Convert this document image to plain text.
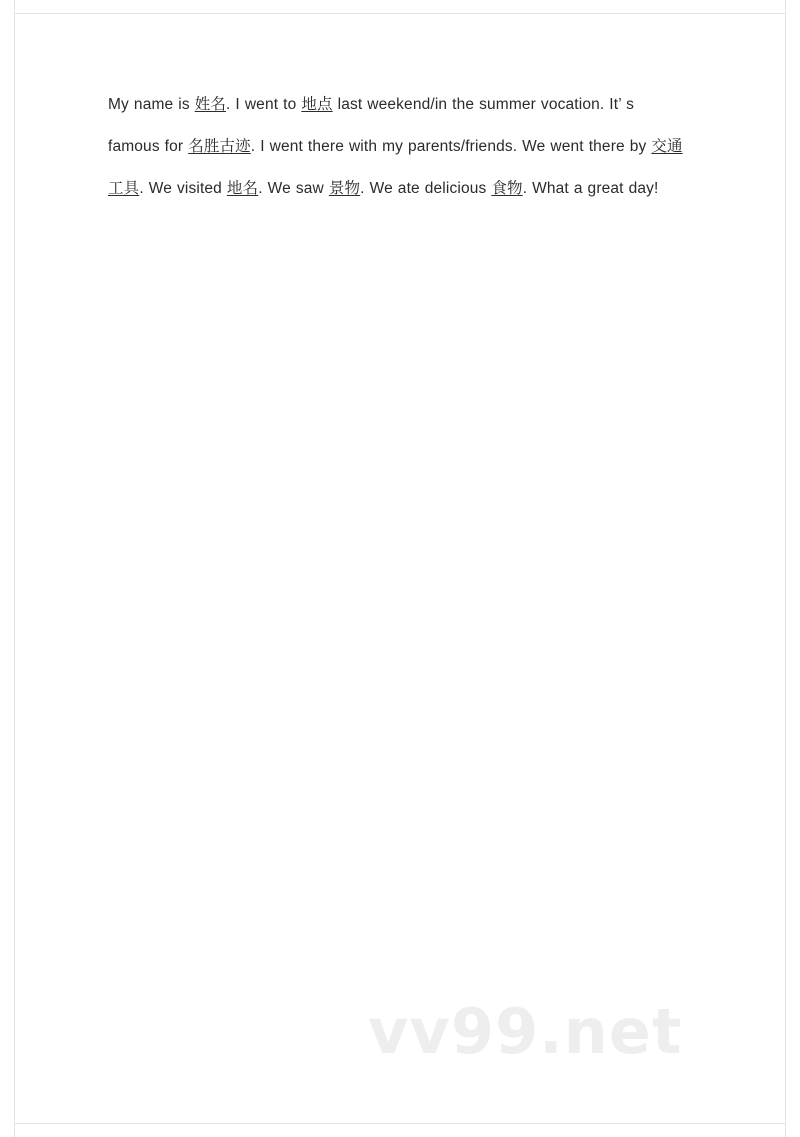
My name is 姓名. I went to 地点 last weekend/in the summer vocation. It’ s famous for 名胜古迹. I went there with my parents/friends. We went there by 交通工具. We visited 地名. We saw 景物. We ate delicious 食物. What a great day!

vv99.net
